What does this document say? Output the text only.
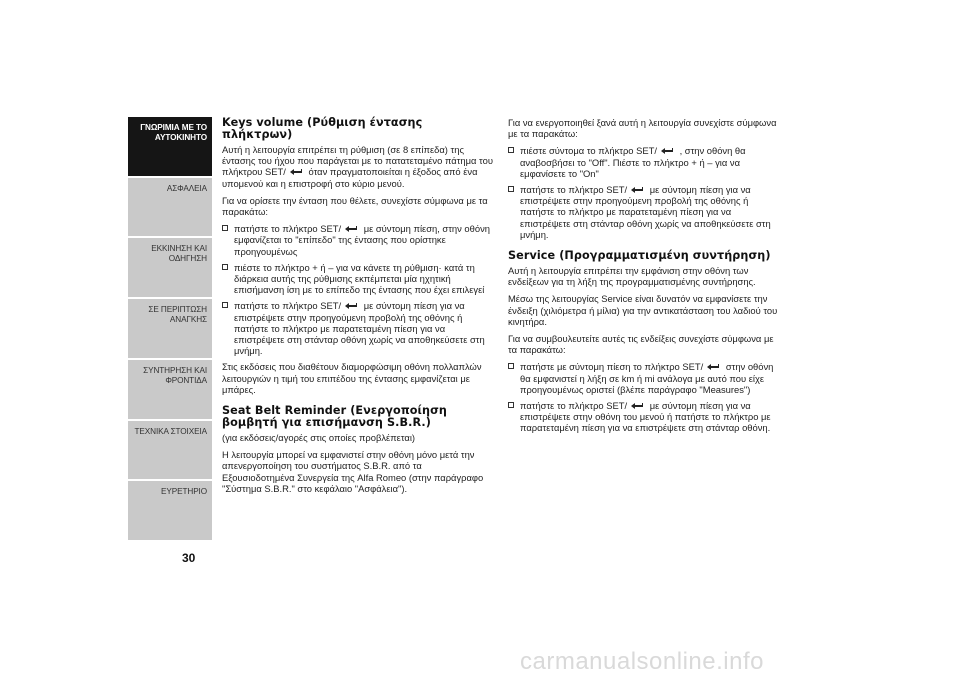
ΓΝΩΡΙΜΙΑ ΜΕ ΤΟ
ΑΥΤΟΚΙΝΗΤΟ
ΑΣΦΑΛΕΙΑ
ΕΚΚΙΝΗΣΗ ΚΑΙ
ΟΔΗΓΗΣΗ
ΣΕ ΠΕΡΙΠΤΩΣΗ
ΑΝΑΓΚΗΣ
ΣΥΝΤΗΡΗΣΗ ΚΑΙ
ΦΡΟΝΤΙΔΑ
ΤΕΧΝΙΚΑ ΣΤΟΙΧΕΙΑ
ΕΥΡΕΤΗΡΙΟ
30
Keys volume (Ρύθμιση έντασης πλήκτρων)

Αυτή η λειτουργία επιτρέπει τη ρύθμιση (σε 8 επίπεδα) της έντασης του ήχου που παράγεται με το πατατεταμένο πάτημα του πλήκτρου SET/ όταν πραγματοποιείται η έξοδος από ένα υπομενού και η επιστροφή στο κύριο μενού.

Για να ορίσετε την ένταση που θέλετε, συνεχίστε σύμφωνα με τα παρακάτω:

πατήστε το πλήκτρο SET/ με σύντομη πίεση, στην οθόνη εμφανίζεται το "επίπεδο" της έντασης που ορίστηκε προηγουμένως
πιέστε το πλήκτρο + ή – για να κάνετε τη ρύθμιση· κατά τη διάρκεια αυτής της ρύθμισης εκπέμπεται μία ηχητική επισήμανση ίση με το επίπεδο της έντασης που έχει επιλεγεί
πατήστε το πλήκτρο SET/ με σύντομη πίεση για να επιστρέψετε στην προηγούμενη προβολή της οθόνης ή πατήστε το πλήκτρο με παρατεταμένη πίεση για να επιστρέψετε στη στάνταρ οθόνη χωρίς να αποθηκεύσετε στη μνήμη.

Στις εκδόσεις που διαθέτουν διαμορφώσιμη οθόνη πολλαπλών λειτουργιών η τιμή του επιπέδου της έντασης εμφανίζεται με μπάρες.

Seat Belt Reminder (Ενεργοποίηση βομβητή για επισήμανση S.B.R.)
(για εκδόσεις/αγορές στις οποίες προβλέπεται)

Η λειτουργία μπορεί να εμφανιστεί στην οθόνη μόνο μετά την απενεργοποίηση του συστήματος S.B.R. από τα Εξουσιοδοτημένα Συνεργεία της Alfa Romeo (στην παράγραφο "Σύστημα S.B.R." στο κεφάλαιο "Ασφάλεια").

Για να ενεργοποιηθεί ξανά αυτή η λειτουργία συνεχίστε σύμφωνα με τα παρακάτω:

πιέστε σύντομα το πλήκτρο SET/ , στην οθόνη θα αναβοσβήσει το "Off". Πιέστε το πλήκτρο + ή – για να εμφανίσετε το "On"
πατήστε το πλήκτρο SET/ με σύντομη πίεση για να επιστρέψετε στην προηγούμενη προβολή της οθόνης ή πατήστε το πλήκτρο με παρατεταμένη πίεση για να επιστρέψετε στη στάνταρ οθόνη χωρίς να αποθηκεύσετε στη μνήμη.
Service (Προγραμματισμένη συντήρηση)

Αυτή η λειτουργία επιτρέπει την εμφάνιση στην οθόνη των ενδείξεων για τη λήξη της προγραμματισμένης συντήρησης.

Μέσω της λειτουργίας Service είναι δυνατόν να εμφανίσετε την ένδειξη (χιλιόμετρα ή μίλια) για την αντικατάσταση του λαδιού του κινητήρα.

Για να συμβουλευτείτε αυτές τις ενδείξεις συνεχίστε σύμφωνα με τα παρακάτω:

πατήστε με σύντομη πίεση το πλήκτρο SET/ στην οθόνη θα εμφανιστεί η λήξη σε km ή mi ανάλογα με αυτό που είχε προηγουμένως οριστεί (βλέπε παράγραφο "Measures")
πατήστε το πλήκτρο SET/ με σύντομη πίεση για να επιστρέψετε στην οθόνη του μενού ή πατήστε το πλήκτρο με παρατεταμένη πίεση για να επιστρέψετε στη στάνταρ οθόνη.
carmanualsonline.info
